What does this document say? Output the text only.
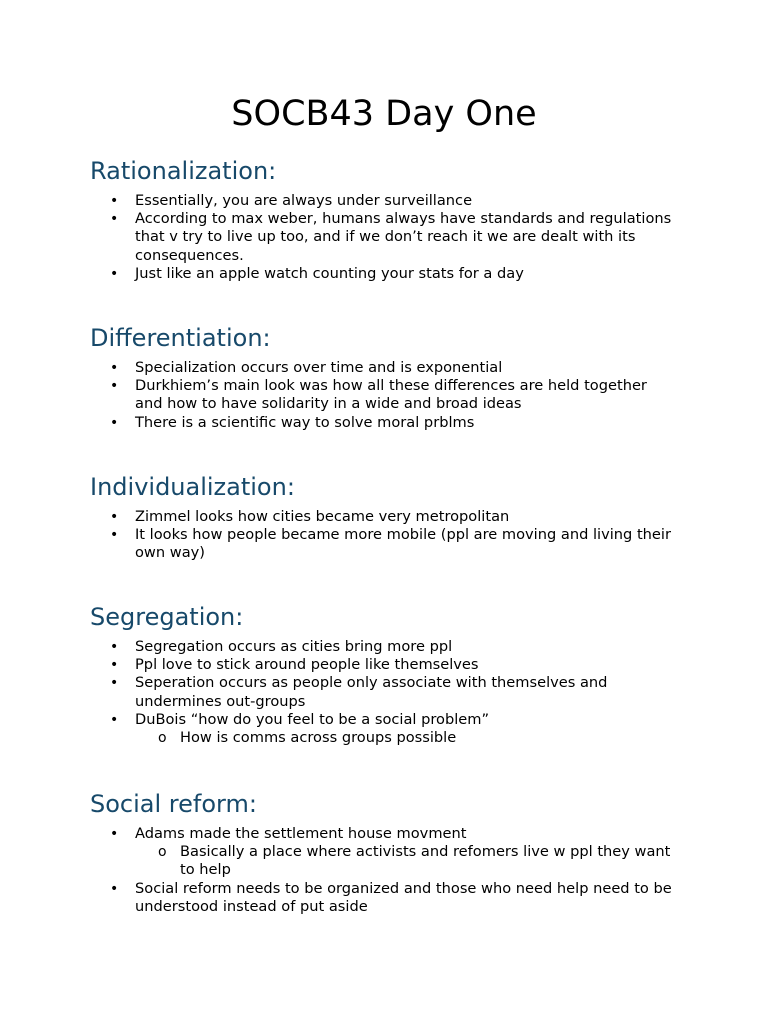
SOCB43 Day One
Rationalization:
• Essentially, you are always under surveillance
• According to max weber, humans always have standards and regulations that v try to live up too, and if we don’t reach it we are dealt with its consequences.
• Just like an apple watch counting your stats for a day
Differentiation:
• Specialization occurs over time and is exponential
• Durkhiem’s main look was how all these differences are held together and how to have solidarity in a wide and broad ideas
• There is a scientific way to solve moral prblms
Individualization:
• Zimmel looks how cities became very metropolitan
• It looks how people became more mobile (ppl are moving and living their own way)
Segregation:
• Segregation occurs as cities bring more ppl
• Ppl love to stick around people like themselves
• Seperation occurs as people only associate with themselves and undermines out-groups
• DuBois “how do you feel to be a social problem”
o How is comms across groups possible
Social reform:
• Adams made the settlement house movment
o Basically a place where activists and refomers live w ppl they want to help
• Social reform needs to be organized and those who need help need to be understood instead of put aside
